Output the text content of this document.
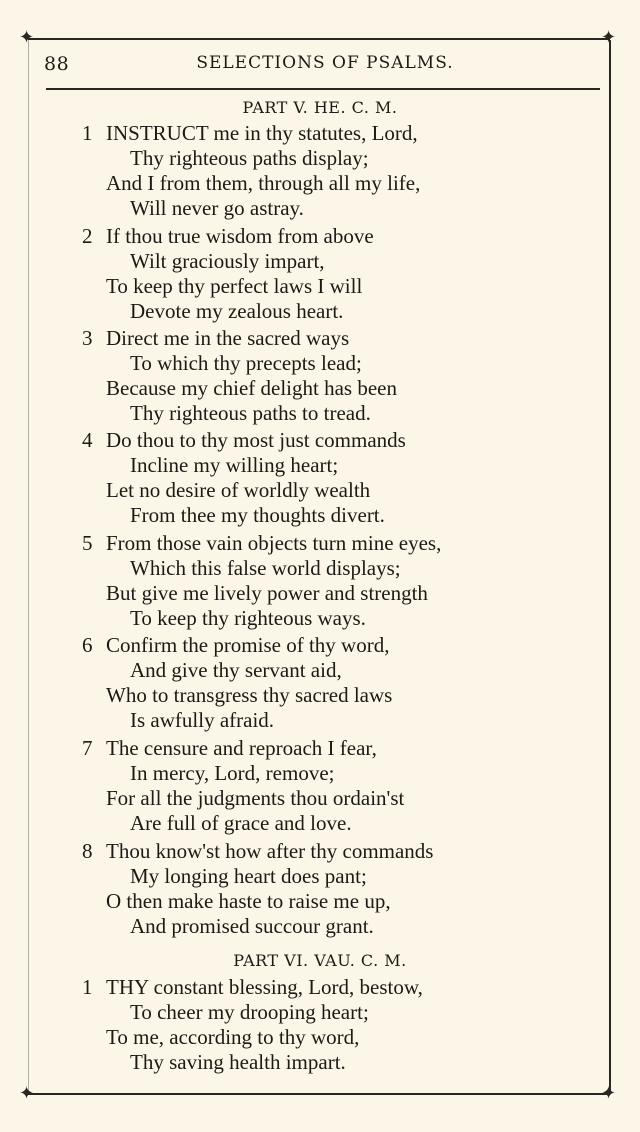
✦	✦
✦	✦
88	SELECTIONS OF PSALMS.
PART V. HE. C. M.
1 INSTRUCT me in thy statutes, Lord,
Thy righteous paths display;
And I from them, through all my life,
Will never go astray.
2 If thou true wisdom from above
Wilt graciously impart,
To keep thy perfect laws I will
Devote my zealous heart.
3 Direct me in the sacred ways
To which thy precepts lead;
Because my chief delight has been
Thy righteous paths to tread.
4 Do thou to thy most just commands
Incline my willing heart;
Let no desire of worldly wealth
From thee my thoughts divert.
5 From those vain objects turn mine eyes,
Which this false world displays;
But give me lively power and strength
To keep thy righteous ways.
6 Confirm the promise of thy word,
And give thy servant aid,
Who to transgress thy sacred laws
Is awfully afraid.
7 The censure and reproach I fear,
In mercy, Lord, remove;
For all the judgments thou ordain'st
Are full of grace and love.
8 Thou know'st how after thy commands
My longing heart does pant;
O then make haste to raise me up,
And promised succour grant.
PART VI. VAU. C. M.
1 THY constant blessing, Lord, bestow,
To cheer my drooping heart;
To me, according to thy word,
Thy saving health impart.
